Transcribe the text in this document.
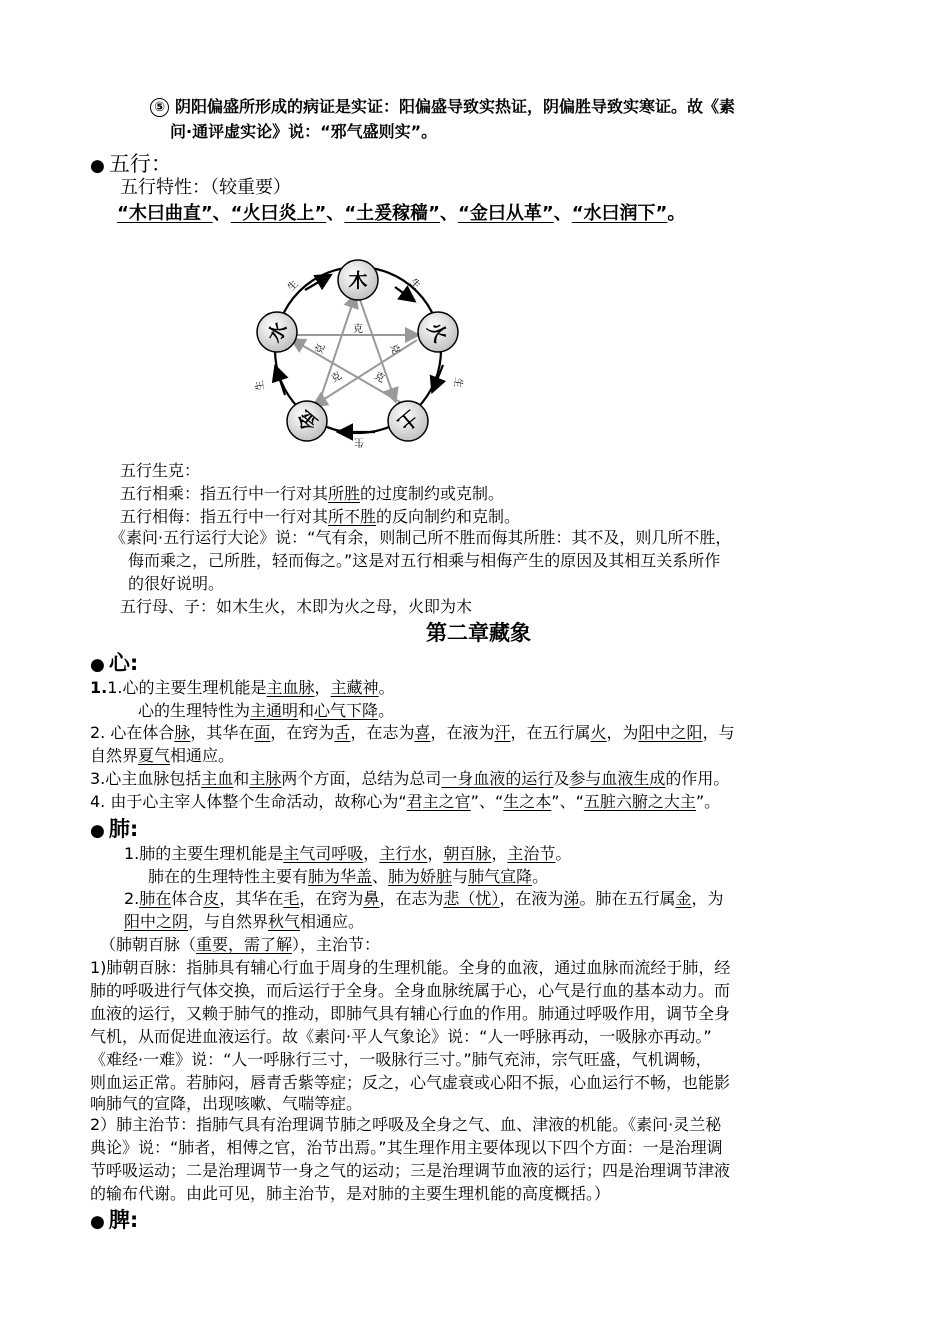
⑤ 阴阳偏盛所形成的病证是实证：阳偏盛导致实热证，阴偏胜导致实寒证。故《素
问·通评虚实论》说：“邪气盛则实”。
● 五行：
五行特性：（较重要）
“木曰曲直”、“火曰炎上”、“土爰稼穑”、“金曰从革”、“水曰润下”。
克
克	克
克	克
生	生
生
生
生
木
火
土
金
水
五行生克：
五行相乘：指五行中一行对其所胜的过度制约或克制。
五行相侮：指五行中一行对其所不胜的反向制约和克制。
《素问·五行运行大论》说：“气有余，则制己所不胜而侮其所胜：其不及，则几所不胜，
侮而乘之，己所胜，轻而侮之。”这是对五行相乘与相侮产生的原因及其相互关系所作
的很好说明。
五行母、子：如木生火，木即为火之母，火即为木
第二章藏象
● 心:
1.1.心的主要生理机能是主血脉，主藏神。
心的生理特性为主通明和心气下降。
2. 心在体合脉，其华在面，在窍为舌，在志为喜，在液为汗，在五行属火，为阳中之阳，与
自然界夏气相通应。
3.心主血脉包括主血和主脉两个方面，总结为总司一身血液的运行及参与血液生成的作用。
4. 由于心主宰人体整个生命活动，故称心为“君主之官”、“生之本”、“五脏六腑之大主”。
● 肺:
1.肺的主要生理机能是主气司呼吸，主行水，朝百脉，主治节。
肺在的生理特性主要有肺为华盖、肺为娇脏与肺气宣降。
2.肺在体合皮，其华在毛，在窍为鼻，在志为悲（忧），在液为涕。肺在五行属金，为
阳中之阴，与自然界秋气相通应。
（肺朝百脉（重要，需了解），主治节：
1)肺朝百脉：指肺具有辅心行血于周身的生理机能。全身的血液，通过血脉而流经于肺，经
肺的呼吸进行气体交换，而后运行于全身。全身血脉统属于心，心气是行血的基本动力。而
血液的运行，又赖于肺气的推动，即肺气具有辅心行血的作用。肺通过呼吸作用，调节全身
气机，从而促进血液运行。故《素问·平人气象论》说：“人一呼脉再动，一吸脉亦再动。”
《难经·一难》说：“人一呼脉行三寸，一吸脉行三寸。”肺气充沛，宗气旺盛，气机调畅，
则血运正常。若肺闷，唇青舌紫等症；反之，心气虚衰或心阳不振，心血运行不畅，也能影
响肺气的宣降，出现咳嗽、气喘等症。
2）肺主治节：指肺气具有治理调节肺之呼吸及全身之气、血、津液的机能。《素问·灵兰秘
典论》说：“肺者，相傅之官，治节出焉。”其生理作用主要体现以下四个方面：一是治理调
节呼吸运动；二是治理调节一身之气的运动；三是治理调节血液的运行；四是治理调节津液
的输布代谢。由此可见，肺主治节，是对肺的主要生理机能的高度概括。）
● 脾:
